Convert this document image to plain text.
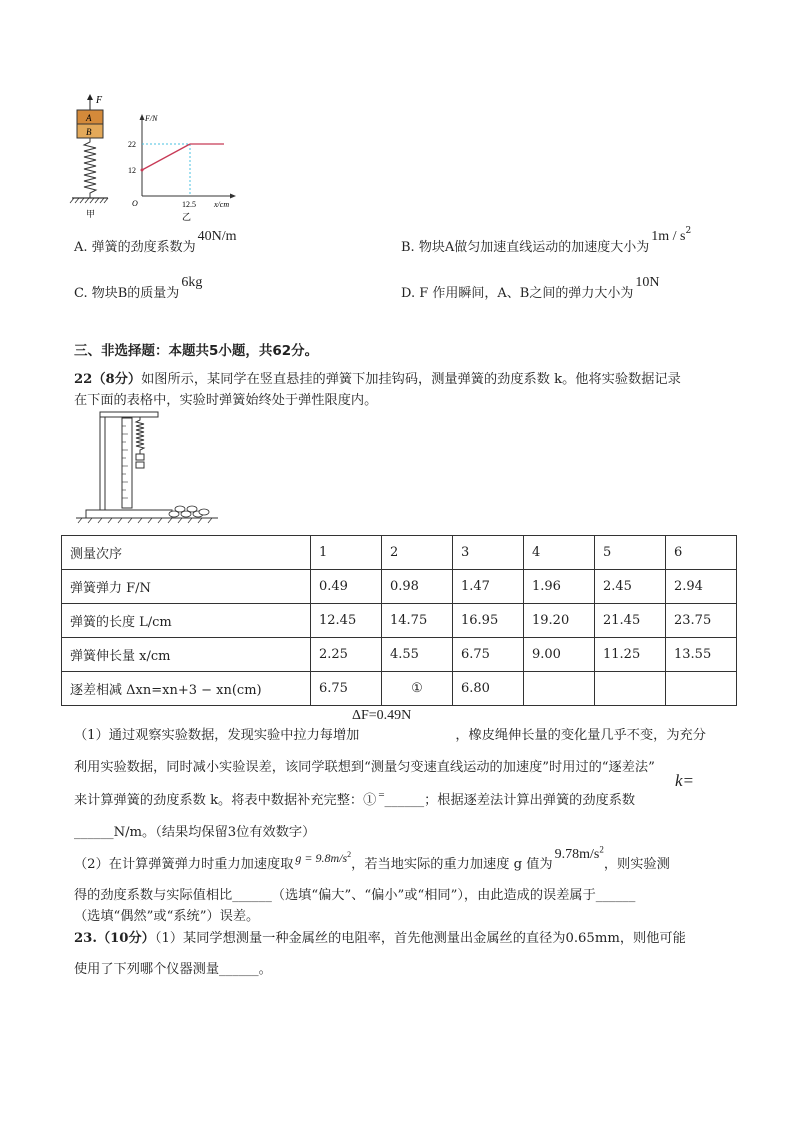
F
A
B
甲
F/N
22
12
O	12.5 x/cm
乙
A. 弹簧的劲度系数为40N/m
B. 物块A做匀加速直线运动的加速度大小为$1m / s^2$
C. 物块B的质量为6kg
D. F 作用瞬间，A、B之间的弹力大小为10N
三、非选择题：本题共5小题，共62分。
22（8分）如图所示，某同学在竖直悬挂的弹簧下加挂钩码，测量弹簧的劲度系数 k。他将实验数据记录
在下面的表格中，实验时弹簧始终处于弹性限度内。
测量次序	1	2	3	4	5	6
弹簧弹力 F/N	0.49	0.98	1.47	1.96	2.45	2.94
弹簧的长度 L/cm	12.45	14.75	16.95	19.20	21.45	23.75
弹簧伸长量 x/cm	2.25	4.55	6.75	9.00	11.25	13.55
逐差相减 Δxn=xn+3 − xn(cm)	6.75	①	6.80			
ΔF=0.49N
（1）通过观察实验数据，发现实验中拉力每增加	，橡皮绳伸长量的变化量几乎不变，为充分
利用实验数据，同时减小实验误差，该同学联想到“测量匀变速直线运动的加速度”时用过的“逐差法”
来计算弹簧的劲度系数 k。将表中数据补充完整：① =______；根据逐差法计算出弹簧的劲度系数
k=
______N/m。（结果均保留3位有效数字）
（2）在计算弹簧弹力时重力加速度取 $g = 9.8m/s^2$，若当地实际的重力加速度 g 值为$9.78m/s^2$，则实验测
得的劲度系数与实际值相比______（选填“偏大”、“偏小”或“相同”），由此造成的误差属于______
（选填“偶然”或“系统”）误差。
23.（10分）（1）某同学想测量一种金属丝的电阻率，首先他测量出金属丝的直径为0.65mm，则他可能
使用了下列哪个仪器测量______。
